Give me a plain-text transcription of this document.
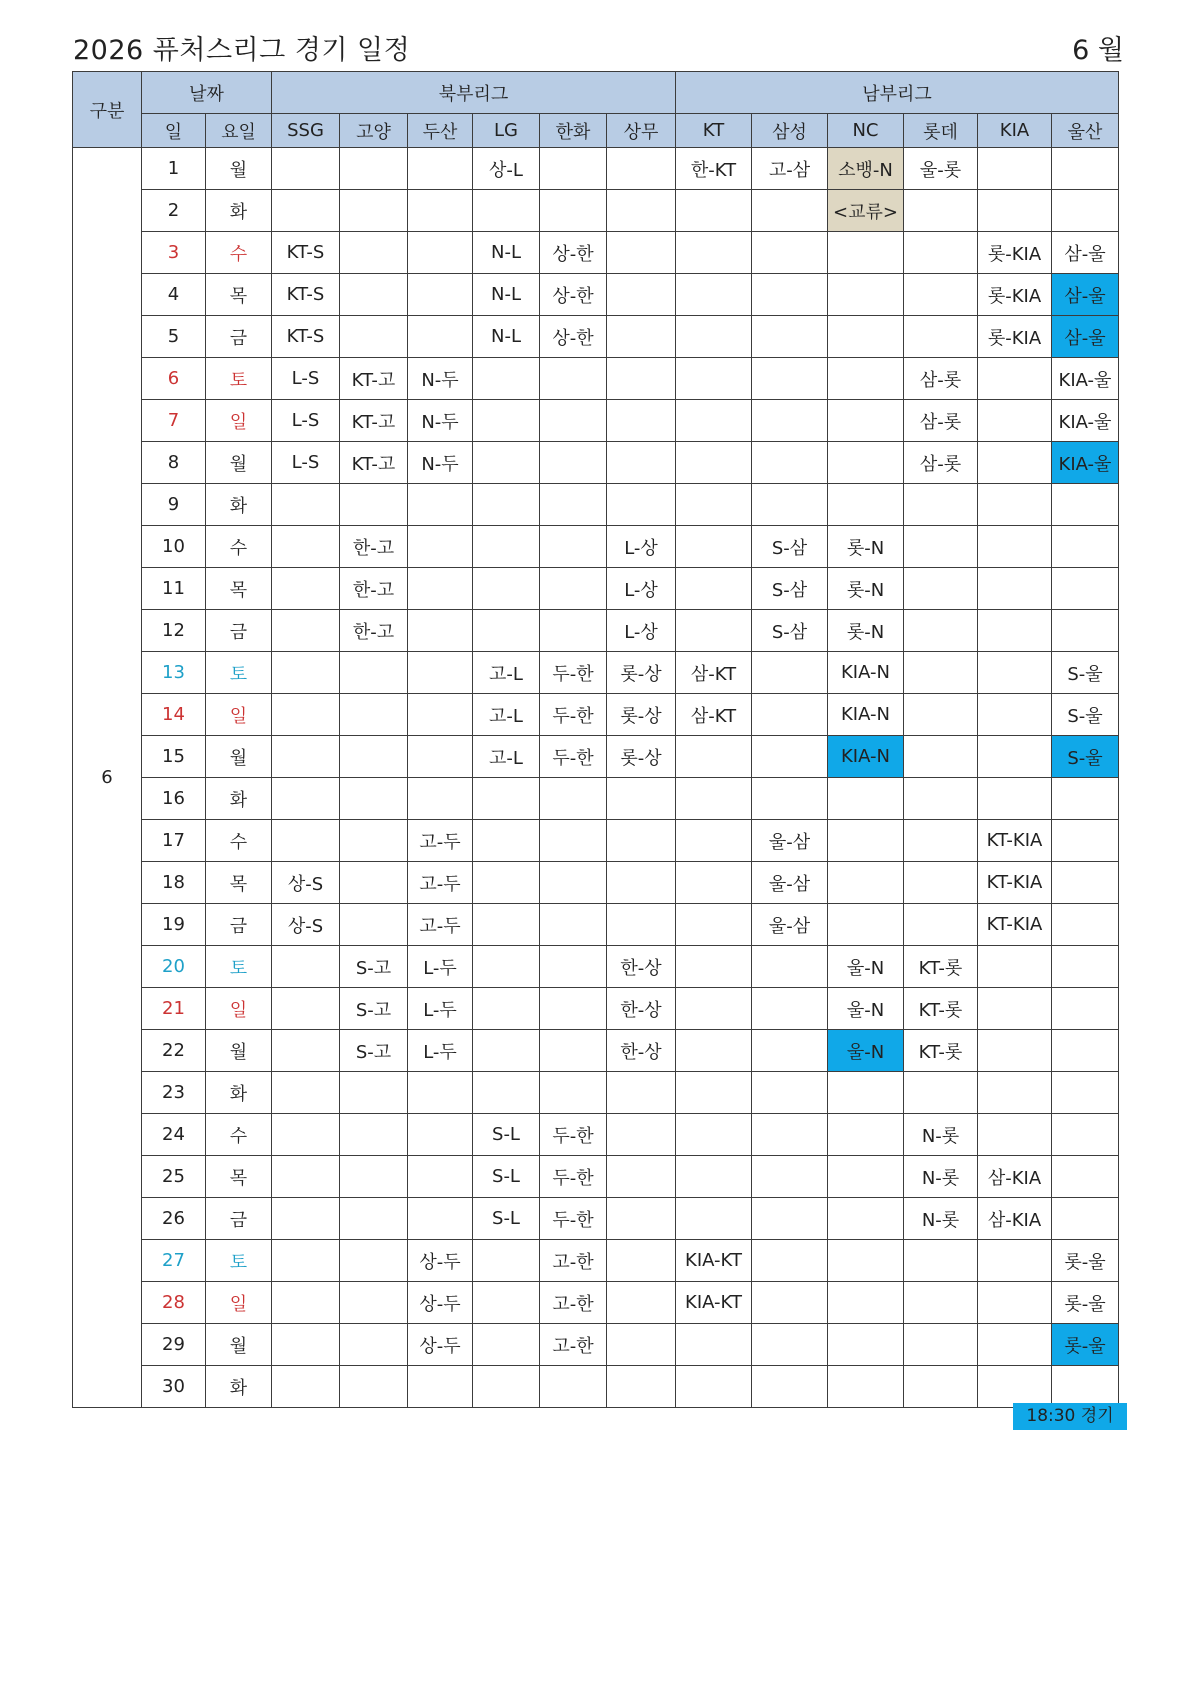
2026 퓨처스리그 경기 일정	6 월
구분	날짜		북부리그						남부리그					
	일	요일	SSG	고양	두산	LG	한화	상무	KT	삼성	NC	롯데	KIA	울산
6	1	월				상-L			한-KT	고-삼	소뱅-N	울-롯		
	2	화									<교류>			
	3	수	KT-S			N-L	상-한						롯-KIA	삼-울
	4	목	KT-S			N-L	상-한						롯-KIA	삼-울
	5	금	KT-S			N-L	상-한						롯-KIA	삼-울
	6	토	L-S	KT-고	N-두							삼-롯		KIA-울
	7	일	L-S	KT-고	N-두							삼-롯		KIA-울
	8	월	L-S	KT-고	N-두							삼-롯		KIA-울
	9	화												
	10	수		한-고				L-상		S-삼	롯-N			
	11	목		한-고				L-상		S-삼	롯-N			
	12	금		한-고				L-상		S-삼	롯-N			
	13	토				고-L	두-한	롯-상	삼-KT		KIA-N			S-울
	14	일				고-L	두-한	롯-상	삼-KT		KIA-N			S-울
	15	월				고-L	두-한	롯-상			KIA-N			S-울
	16	화												
	17	수			고-두					울-삼			KT-KIA	
	18	목	상-S		고-두					울-삼			KT-KIA	
	19	금	상-S		고-두					울-삼			KT-KIA	
	20	토		S-고	L-두			한-상			울-N	KT-롯		
	21	일		S-고	L-두			한-상			울-N	KT-롯		
	22	월		S-고	L-두			한-상			울-N	KT-롯		
	23	화												
	24	수				S-L	두-한					N-롯		
	25	목				S-L	두-한					N-롯	삼-KIA	
	26	금				S-L	두-한					N-롯	삼-KIA	
	27	토			상-두		고-한		KIA-KT					롯-울
	28	일			상-두		고-한		KIA-KT					롯-울
	29	월			상-두		고-한							롯-울
	30	화												
18:30 경기
